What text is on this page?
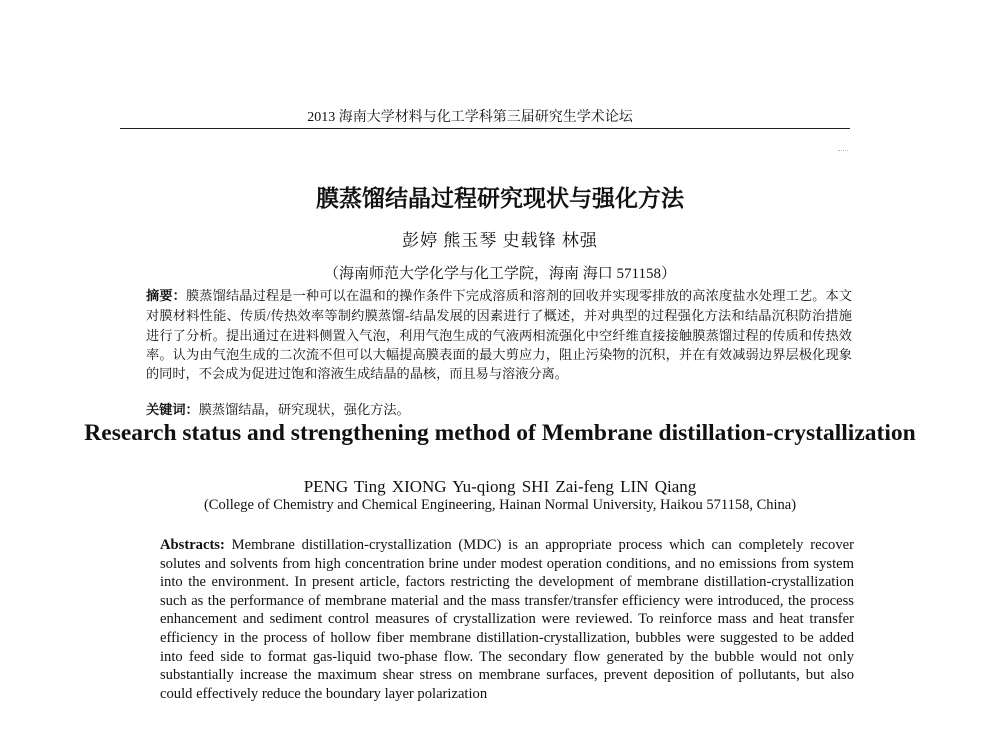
2013 海南大学材料与化工学科第三届研究生学术论坛
膜蒸馏结晶过程研究现状与强化方法
彭婷 熊玉琴 史载锋 林强
（海南师范大学化学与化工学院，海南 海口 571158）
摘要：膜蒸馏结晶过程是一种可以在温和的操作条件下完成溶质和溶剂的回收并实现零排放的高浓度盐水处理工艺。本文对膜材料性能、传质/传热效率等制约膜蒸馏-结晶发展的因素进行了概述，并对典型的过程强化方法和结晶沉积防治措施进行了分析。提出通过在进料侧置入气泡，利用气泡生成的气液两相流强化中空纤维直接接触膜蒸馏过程的传质和传热效率。认为由气泡生成的二次流不但可以大幅提高膜表面的最大剪应力，阻止污染物的沉积，并在有效减弱边界层极化现象的同时，不会成为促进过饱和溶液生成结晶的晶核，而且易与溶液分离。
关键词：膜蒸馏结晶，研究现状，强化方法。
Research status and strengthening method of Membrane distillation-crystallization
PENG Ting XIONG Yu-qiong SHI Zai-feng LIN Qiang
(College of Chemistry and Chemical Engineering, Hainan Normal University, Haikou 571158, China)
Abstracts: Membrane distillation-crystallization (MDC) is an appropriate process which can completely recover solutes and solvents from high concentration brine under modest operation conditions, and no emissions from system into the environment. In present article, factors restricting the development of membrane distillation-crystallization such as the performance of membrane material and the mass transfer/transfer efficiency were introduced, the process enhancement and sediment control measures of crystallization were reviewed. To reinforce mass and heat transfer efficiency in the process of hollow fiber membrane distillation-crystallization, bubbles were suggested to be added into feed side to format gas-liquid two-phase flow. The secondary flow generated by the bubble would not only substantially increase the maximum shear stress on membrane surfaces, prevent deposition of pollutants, but also could effectively reduce the boundary layer polarization
